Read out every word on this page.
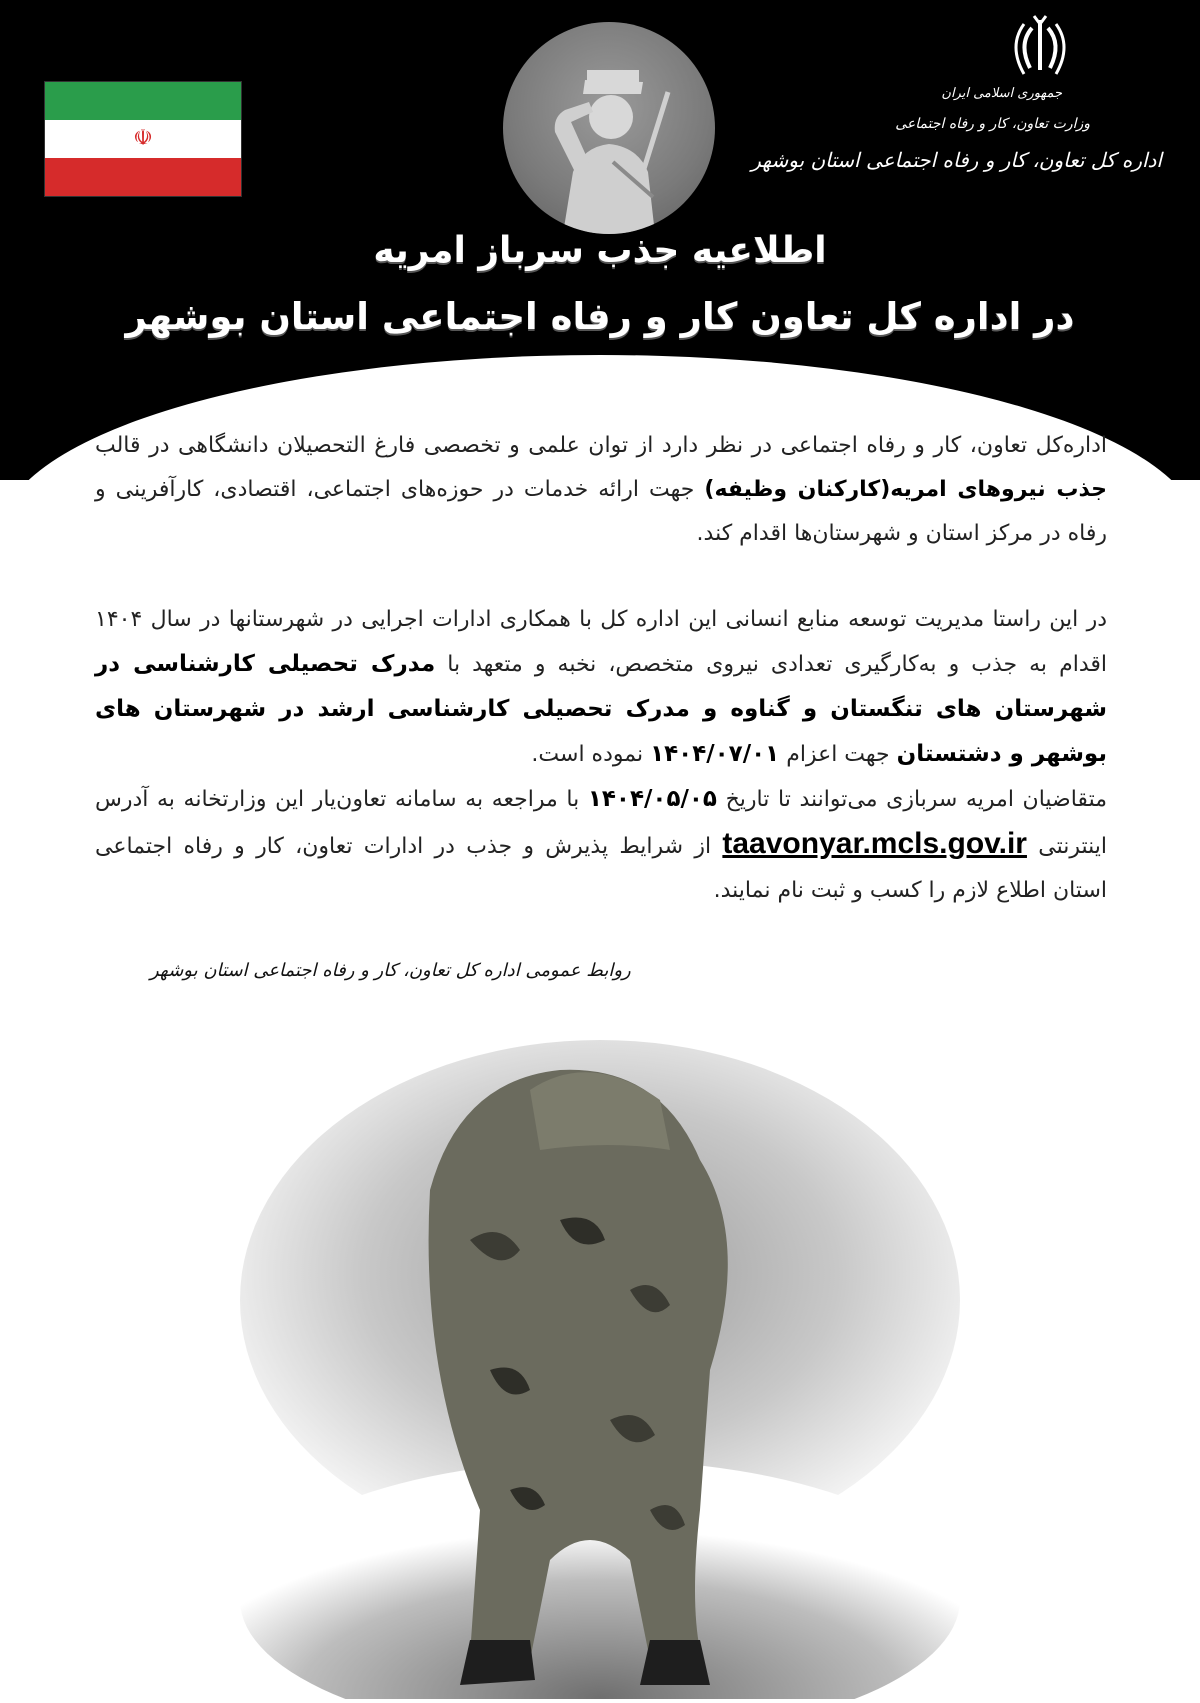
☫
جمهوری اسلامی ایران
وزارت تعاون، کار و رفاه اجتماعی
اداره کل تعاون، کار و رفاه اجتماعی استان بوشهر
اطلاعیه جذب سرباز امریه
در اداره کل تعاون کار و رفاه اجتماعی استان بوشهر
اداره‌کل تعاون، کار و رفاه اجتماعی در نظر دارد از توان علمی و تخصصی فارغ التحصیلان دانشگاهی در قالب جذب نیروهای امریه(کارکنان وظیفه) جهت ارائه خدمات در حوزه‌های اجتماعی، اقتصادی، کارآفرینی و رفاه در مرکز استان و شهرستان‌ها اقدام کند.
در این راستا مدیریت توسعه منابع انسانی این اداره کل با همکاری ادارات اجرایی در شهرستانها در سال ۱۴۰۴ اقدام به جذب و به‌کارگیری تعدادی نیروی متخصص، نخبه و متعهد با مدرک تحصیلی کارشناسی در شهرستان های تنگستان و گناوه و مدرک تحصیلی کارشناسی ارشد در شهرستان های بوشهر و دشتستان جهت اعزام ۱۴۰۴/۰۷/۰۱ نموده است.
متقاضیان امریه سربازی می‌توانند تا تاریخ ۱۴۰۴/۰۵/۰۵ با مراجعه به سامانه تعاون‌یار این وزارتخانه به آدرس اینترنتی taavonyar.mcls.gov.ir از شرایط پذیرش و جذب در ادارات تعاون، کار و رفاه اجتماعی استان اطلاع لازم را کسب و ثبت نام نمایند.
روابط عمومی اداره کل تعاون، کار و رفاه اجتماعی استان بوشهر
